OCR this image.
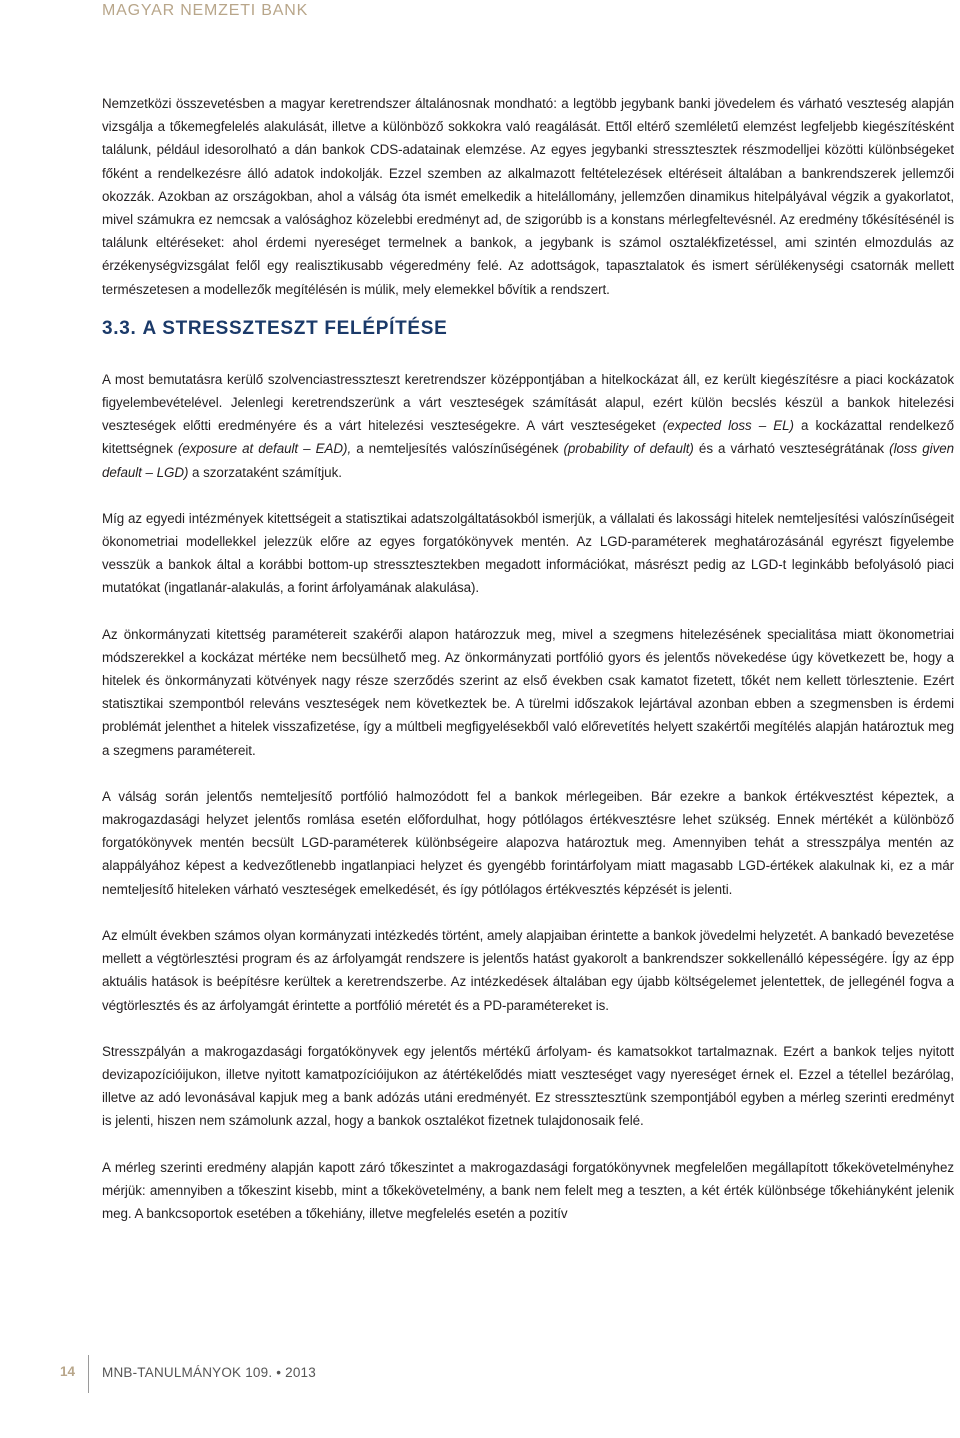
MAGYAR NEMZETI BANK

Nemzetközi összevetésben a magyar keretrendszer általánosnak mondható: a legtöbb jegybank banki jövedelem és várható veszteség alapján vizsgálja a tőkemegfelelés alakulását, illetve a különböző sokkokra való reagálását. Ettől eltérő szemléletű elemzést legfeljebb kiegészítésként találunk, például idesorolható a dán bankok CDS-adatainak elemzése. Az egyes jegybanki stressztesztek részmodelljei közötti különbségeket főként a rendelkezésre álló adatok indokolják. Ezzel szemben az alkalmazott feltételezések eltéréseit általában a bankrendszerek jellemzői okozzák. Azokban az országokban, ahol a válság óta ismét emelkedik a hitelállomány, jellemzően dinamikus hitelpályával végzik a gyakorlatot, mivel számukra ez nemcsak a valósághoz közelebbi eredményt ad, de szigorúbb is a konstans mérlegfeltevésnél. Az eredmény tőkésítésénél is találunk eltéréseket: ahol érdemi nyereséget termelnek a bankok, a jegybank is számol osztalékfizetéssel, ami szintén elmozdulás az érzékenységvizsgálat felől egy realisztikusabb végeredmény felé. Az adottságok, tapasztalatok és ismert sérülékenységi csatornák mellett természetesen a modellezők megítélésén is múlik, mely elemekkel bővítik a rendszert.

3.3. A STRESSZTESZT FELÉPÍTÉSE

A most bemutatásra kerülő szolvenciastresszteszt keretrendszer középpontjában a hitelkockázat áll, ez került kiegészítésre a piaci kockázatok figyelembevételével. Jelenlegi keretrendszerünk a várt veszteségek számítását alapul, ezért külön becslés készül a bankok hitelezési veszteségek előtti eredményére és a várt hitelezési veszteségekre. A várt veszteségeket (expected loss – EL) a kockázattal rendelkező kitettségnek (exposure at default – EAD), a nemteljesítés valószínűségének (probability of default) és a várható veszteségrátának (loss given default – LGD) a szorzataként számítjuk.

Míg az egyedi intézmények kitettségeit a statisztikai adatszolgáltatásokból ismerjük, a vállalati és lakossági hitelek nemteljesítési valószínűségeit ökonometriai modellekkel jelezzük előre az egyes forgatókönyvek mentén. Az LGD-paraméterek meghatározásánál egyrészt figyelembe vesszük a bankok által a korábbi bottom-up stressztesztekben megadott információkat, másrészt pedig az LGD-t leginkább befolyásoló piaci mutatókat (ingatlanár-alakulás, a forint árfolyamának alakulása).

Az önkormányzati kitettség paramétereit szakérői alapon határozzuk meg, mivel a szegmens hitelezésének specialitása miatt ökonometriai módszerekkel a kockázat mértéke nem becsülhető meg. Az önkormányzati portfólió gyors és jelentős növekedése úgy következett be, hogy a hitelek és önkormányzati kötvények nagy része szerződés szerint az első években csak kamatot fizetett, tőkét nem kellett törlesztenie. Ezért statisztikai szempontból releváns veszteségek nem következtek be. A türelmi időszakok lejártával azonban ebben a szegmensben is érdemi problémát jelenthet a hitelek visszafizetése, így a múltbeli megfigyelésekből való előrevetítés helyett szakértői megítélés alapján határoztuk meg a szegmens paramétereit.

A válság során jelentős nemteljesítő portfólió halmozódott fel a bankok mérlegeiben. Bár ezekre a bankok értékvesztést képeztek, a makrogazdasági helyzet jelentős romlása esetén előfordulhat, hogy pótlólagos értékvesztésre lehet szükség. Ennek mértékét a különböző forgatókönyvek mentén becsült LGD-paraméterek különbségeire alapozva határoztuk meg. Amennyiben tehát a stresszpálya mentén az alappályához képest a kedvezőtlenebb ingatlanpiaci helyzet és gyengébb forintárfolyam miatt magasabb LGD-értékek alakulnak ki, ez a már nemteljesítő hiteleken várható veszteségek emelkedését, és így pótlólagos értékvesztés képzését is jelenti.

Az elmúlt években számos olyan kormányzati intézkedés történt, amely alapjaiban érintette a bankok jövedelmi helyzetét. A bankadó bevezetése mellett a végtörlesztési program és az árfolyamgát rendszere is jelentős hatást gyakorolt a bankrendszer sokkellenálló képességére. Így az épp aktuális hatások is beépítésre kerültek a keretrendszerbe. Az intézkedések általában egy újabb költségelemet jelentettek, de jellegénél fogva a végtörlesztés és az árfolyamgát érintette a portfólió méretét és a PD-paramétereket is.

Stresszpályán a makrogazdasági forgatókönyvek egy jelentős mértékű árfolyam- és kamatsokkot tartalmaznak. Ezért a bankok teljes nyitott devizapozícióijukon, illetve nyitott kamatpozícióijukon az átértékelődés miatt veszteséget vagy nyereséget érnek el. Ezzel a tétellel bezárólag, illetve az adó levonásával kapjuk meg a bank adózás utáni eredményét. Ez stressztesztünk szempontjából egyben a mérleg szerinti eredményt is jelenti, hiszen nem számolunk azzal, hogy a bankok osztalékot fizetnek tulajdonosaik felé.

A mérleg szerinti eredmény alapján kapott záró tőkeszintet a makrogazdasági forgatókönyvnek megfelelően megállapított tőkekövetelményhez mérjük: amennyiben a tőkeszint kisebb, mint a tőkekövetelmény, a bank nem felelt meg a teszten, a két érték különbsége tőkehiányként jelenik meg. A bankcsoportok esetében a tőkehiány, illetve megfelelés esetén a pozitív

14 MNB-TANULMÁNYOK 109. • 2013
